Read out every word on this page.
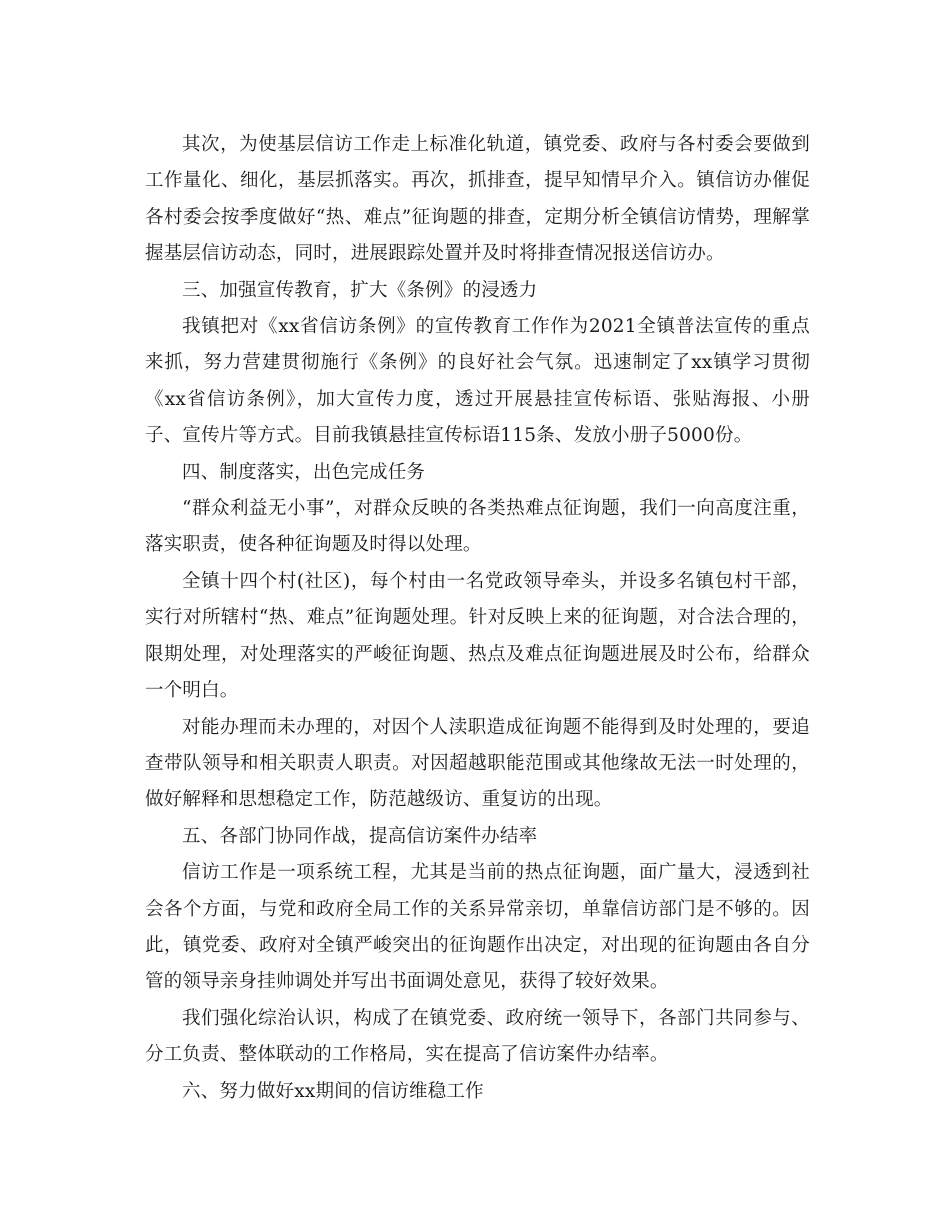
其次，为使基层信访工作走上标准化轨道，镇党委、政府与各村委会要做到工作量化、细化，基层抓落实。再次，抓排查，提早知情早介入。镇信访办催促各村委会按季度做好“热、难点”征询题的排查，定期分析全镇信访情势，理解掌握基层信访动态，同时，进展跟踪处置并及时将排查情况报送信访办。

三、加强宣传教育，扩大《条例》的浸透力

我镇把对《xx省信访条例》的宣传教育工作作为2021全镇普法宣传的重点来抓，努力营建贯彻施行《条例》的良好社会气氛。迅速制定了xx镇学习贯彻《xx省信访条例》，加大宣传力度，透过开展悬挂宣传标语、张贴海报、小册子、宣传片等方式。目前我镇悬挂宣传标语115条、发放小册子5000份。

四、制度落实，出色完成任务

“群众利益无小事”，对群众反映的各类热难点征询题，我们一向高度注重，落实职责，使各种征询题及时得以处理。

全镇十四个村(社区)，每个村由一名党政领导牵头，并设多名镇包村干部，实行对所辖村“热、难点”征询题处理。针对反映上来的征询题，对合法合理的，限期处理，对处理落实的严峻征询题、热点及难点征询题进展及时公布，给群众一个明白。

对能办理而未办理的，对因个人渎职造成征询题不能得到及时处理的，要追查带队领导和相关职责人职责。对因超越职能范围或其他缘故无法一时处理的，做好解释和思想稳定工作，防范越级访、重复访的出现。

五、各部门协同作战，提高信访案件办结率

信访工作是一项系统工程，尤其是当前的热点征询题，面广量大，浸透到社会各个方面，与党和政府全局工作的关系异常亲切，单靠信访部门是不够的。因此，镇党委、政府对全镇严峻突出的征询题作出决定，对出现的征询题由各自分管的领导亲身挂帅调处并写出书面调处意见，获得了较好效果。

我们强化综治认识，构成了在镇党委、政府统一领导下，各部门共同参与、分工负责、整体联动的工作格局，实在提高了信访案件办结率。

六、努力做好xx期间的信访维稳工作
